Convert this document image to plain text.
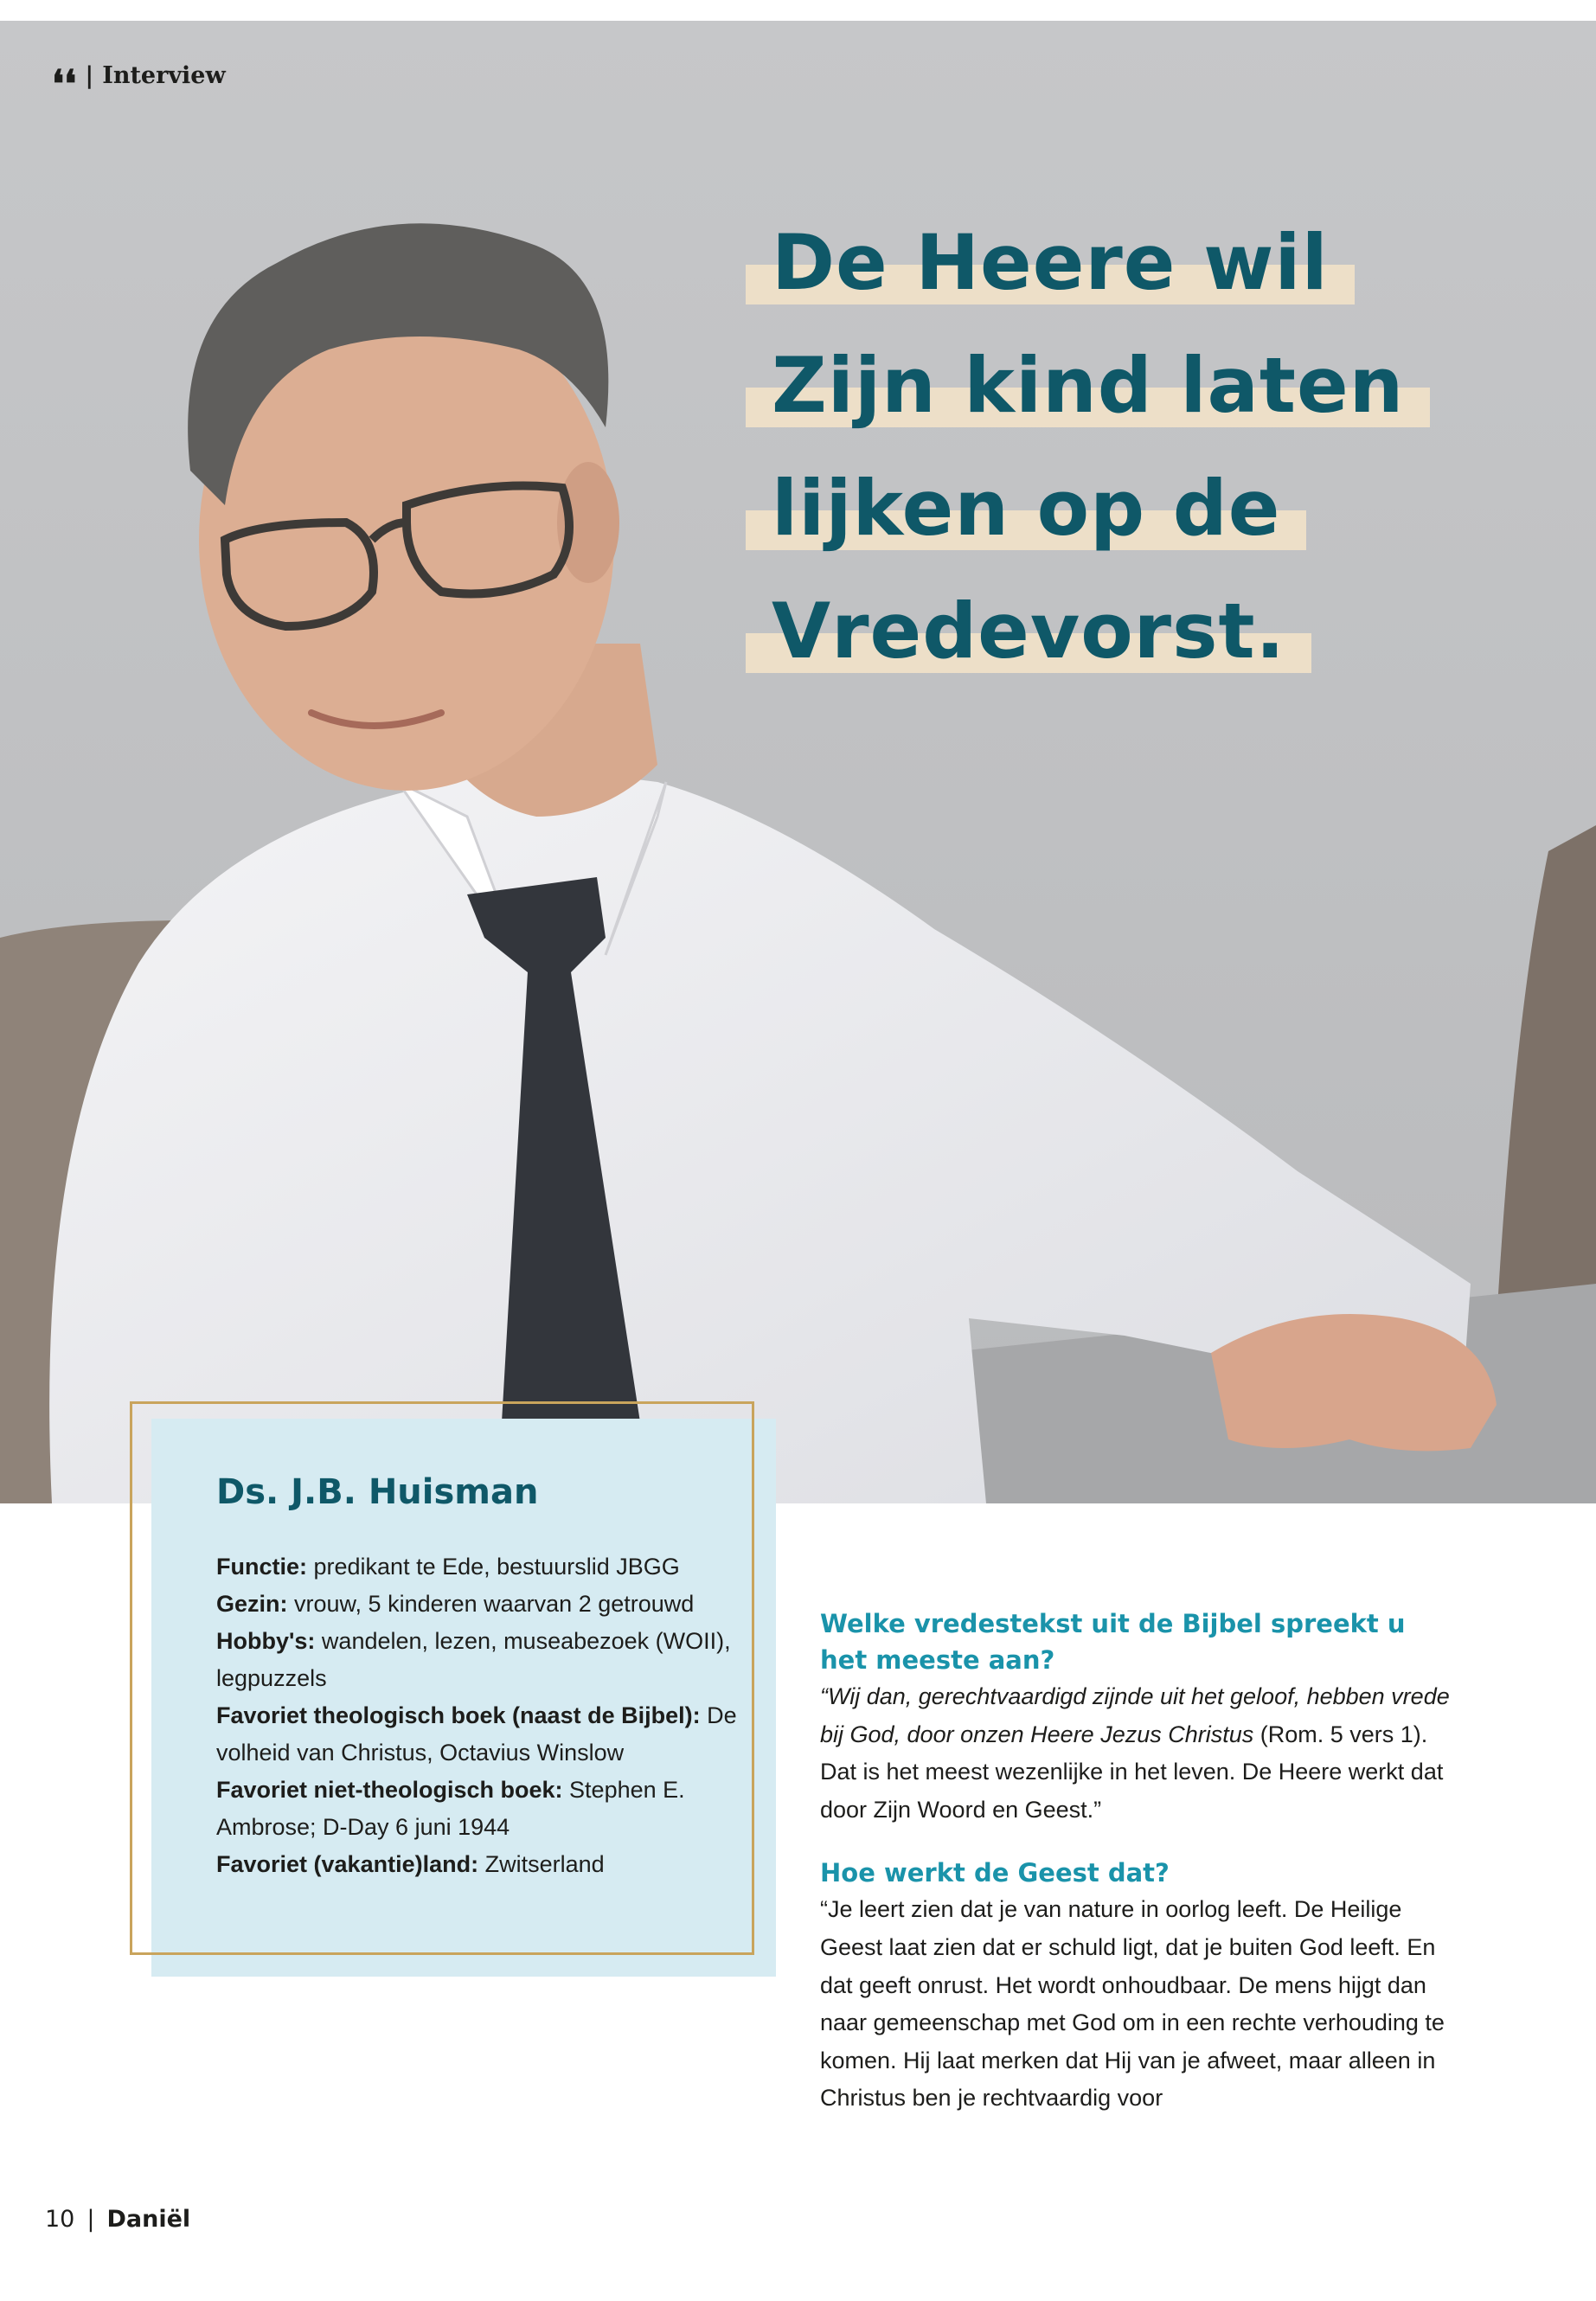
❛❛ | Interview
De Heere wil
Zijn kind laten
lijken op de
Vredevorst.
Ds. J.B. Huisman
Functie: predikant te Ede, bestuurslid JBGG
Gezin: vrouw, 5 kinderen waarvan 2 getrouwd
Hobby's: wandelen, lezen, museabezoek (WOII), legpuzzels
Favoriet theologisch boek (naast de Bijbel): De volheid van Christus, Octavius Winslow
Favoriet niet-theologisch boek: Stephen E. Ambrose; D-Day 6 juni 1944
Favoriet (vakantie)land: Zwitserland

Welke vredestekst uit de Bijbel spreekt u het meeste aan?

“Wij dan, gerechtvaardigd zijnde uit het geloof, hebben vrede bij God, door onzen Heere Jezus Christus (Rom. 5 vers 1). Dat is het meest wezenlijke in het leven. De Heere werkt dat door Zijn Woord en Geest.”

Hoe werkt de Geest dat?

“Je leert zien dat je van nature in oorlog leeft. De Heilige Geest laat zien dat er schuld ligt, dat je buiten God leeft. En dat geeft onrust. Het wordt onhoudbaar. De mens hijgt dan naar gemeenschap met God om in een rechte verhouding te komen. Hij laat merken dat Hij van je afweet, maar alleen in Christus ben je rechtvaardig voor

10 | Daniël
